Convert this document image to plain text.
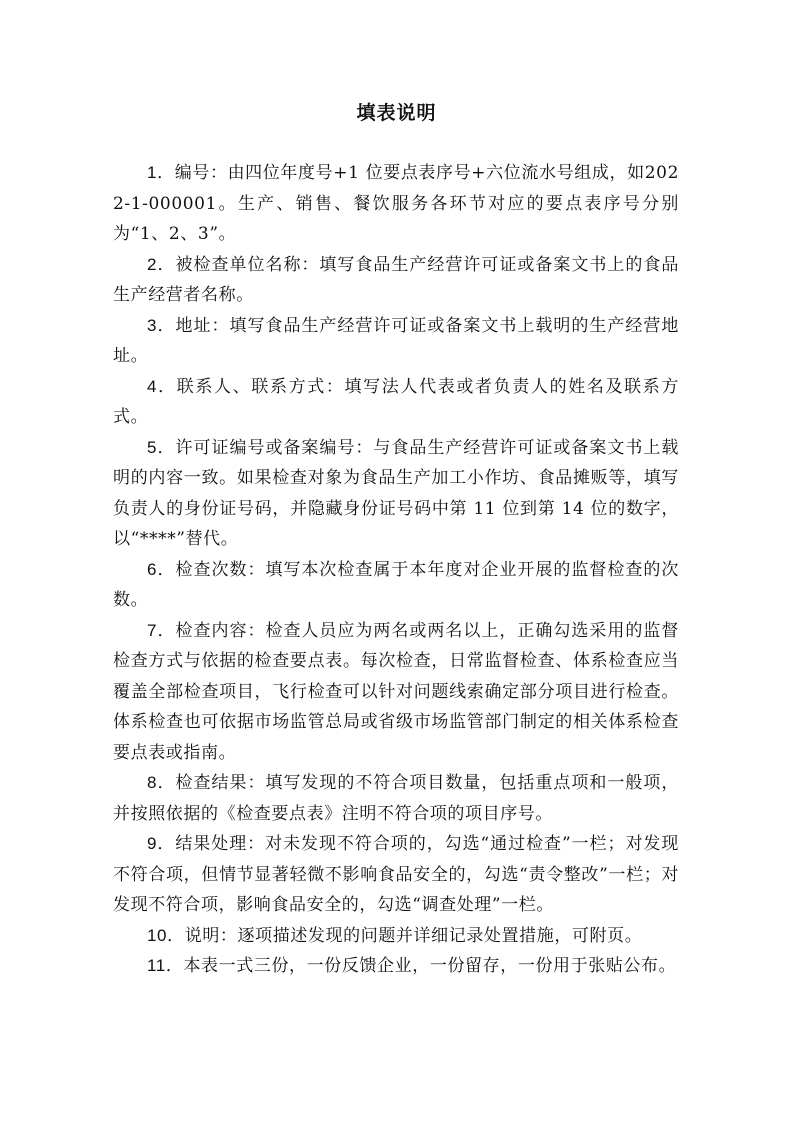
填表说明

1．编号：由四位年度号+1 位要点表序号+六位流水号组成，如2022-1-000001。生产、销售、餐饮服务各环节对应的要点表序号分别为“1、2、3”。

2．被检查单位名称：填写食品生产经营许可证或备案文书上的食品生产经营者名称。

3．地址：填写食品生产经营许可证或备案文书上载明的生产经营地址。

4．联系人、联系方式：填写法人代表或者负责人的姓名及联系方式。

5．许可证编号或备案编号：与食品生产经营许可证或备案文书上载明的内容一致。如果检查对象为食品生产加工小作坊、食品摊贩等，填写负责人的身份证号码，并隐藏身份证号码中第 11 位到第 14 位的数字，以“****”替代。

6．检查次数：填写本次检查属于本年度对企业开展的监督检查的次数。

7．检查内容：检查人员应为两名或两名以上，正确勾选采用的监督检查方式与依据的检查要点表。每次检查，日常监督检查、体系检查应当覆盖全部检查项目，飞行检查可以针对问题线索确定部分项目进行检查。体系检查也可依据市场监管总局或省级市场监管部门制定的相关体系检查要点表或指南。

8．检查结果：填写发现的不符合项目数量，包括重点项和一般项，并按照依据的《检查要点表》注明不符合项的项目序号。

9．结果处理：对未发现不符合项的，勾选“通过检查”一栏；对发现不符合项，但情节显著轻微不影响食品安全的，勾选“责令整改”一栏；对发现不符合项，影响食品安全的，勾选“调查处理”一栏。

10．说明：逐项描述发现的问题并详细记录处置措施，可附页。

11．本表一式三份，一份反馈企业，一份留存，一份用于张贴公布。
